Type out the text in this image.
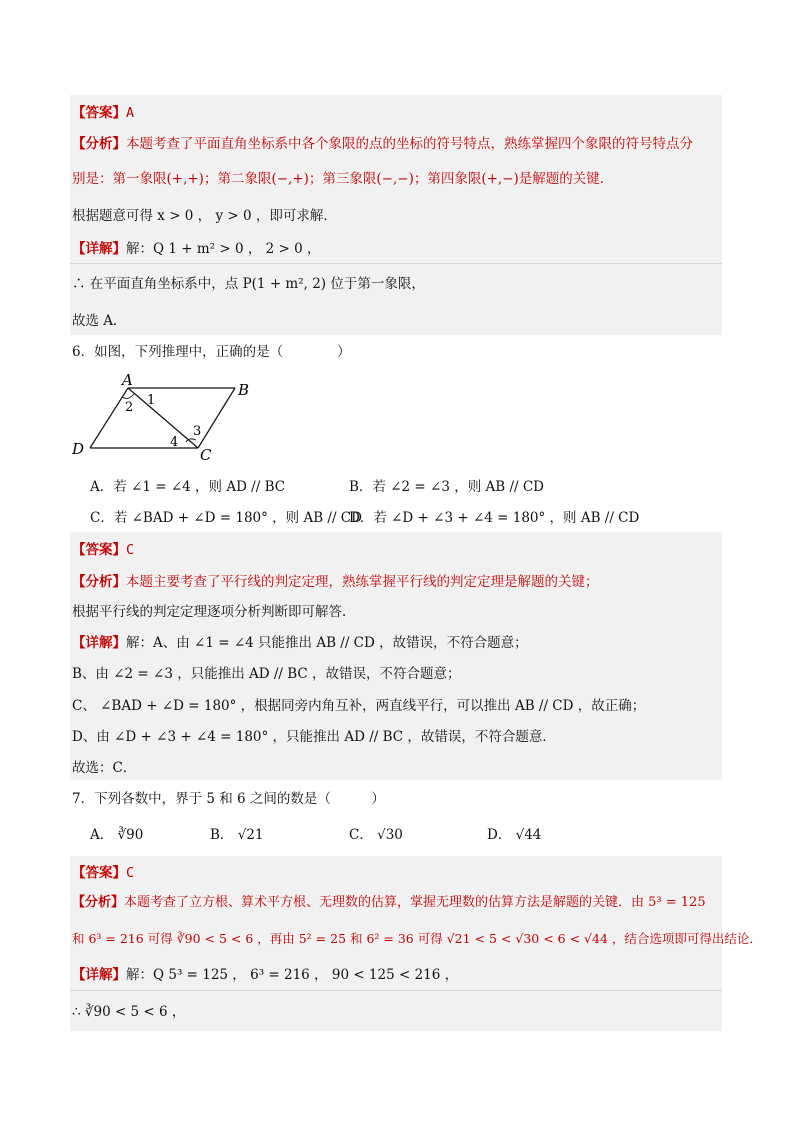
【答案】A
【分析】本题考查了平面直角坐标系中各个象限的点的坐标的符号特点，熟练掌握四个象限的符号特点分
别是：第一象限(+,+)；第二象限(−,+)；第三象限(−,−)；第四象限(+,−)是解题的关键．
根据题意可得 x > 0 ， y > 0 ，即可求解．
【详解】解：Q 1 + m² > 0 ， 2 > 0 ，
∴ 在平面直角坐标系中，点 P(1 + m², 2) 位于第一象限，
故选 A．
6．如图，下列推理中，正确的是（　　　　）
A
B
C
D
1
2
3
4
A．若 ∠1 = ∠4 ，则 AD // BC	B．若 ∠2 = ∠3 ，则 AB // CD
C．若 ∠BAD + ∠D = 180° ，则 AB // CD
D．若 ∠D + ∠3 + ∠4 = 180° ，则 AB // CD
【答案】C
【分析】本题主要考查了平行线的判定定理，熟练掌握平行线的判定定理是解题的关键；
根据平行线的判定定理逐项分析判断即可解答．
【详解】解：A、由 ∠1 = ∠4 只能推出 AB // CD ，故错误，不符合题意；
B、由 ∠2 = ∠3 ，只能推出 AD // BC ，故错误，不符合题意；
C、 ∠BAD + ∠D = 180° ，根据同旁内角互补，两直线平行，可以推出 AB // CD ，故正确；
D、由 ∠D + ∠3 + ∠4 = 180° ，只能推出 AD // BC ，故错误，不符合题意．
故选：C．
7．下列各数中，界于 5 和 6 之间的数是（　　　）
A． ∛90	B． √21	C． √30	D． √44
【答案】C
【分析】本题考查了立方根、算术平方根、无理数的估算，掌握无理数的估算方法是解题的关键．由 5³ = 125
和 6³ = 216 可得 ∛90 < 5 < 6 ，再由 5² = 25 和 6² = 36 可得 √21 < 5 < √30 < 6 < √44 ，结合选项即可得出结论．
【详解】解：Q 5³ = 125 ， 6³ = 216 ， 90 < 125 < 216 ，
∴ ∛90 < 5 < 6 ，
